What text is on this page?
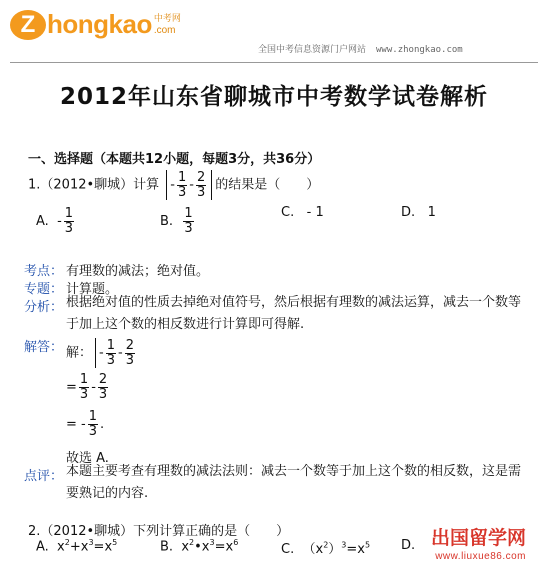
Z hongkao 中考网
.com
全国中考信息资源门户网站 www.zhongkao.com
2012年山东省聊城市中考数学试卷解析
一、选择题（本题共12小题，每题3分，共36分）
1.（2012•聊城）计算 - $\frac{1}{3} - \frac{2}{3}$ 的结果是（　　）
A. - $\frac{1}{3}$	B. $\frac{1}{3}$	C. - 1	D. 1
考点： 有理数的减法；绝对值。
专题： 计算题。
分析： 根据绝对值的性质去掉绝对值符号，然后根据有理数的减法运算，减去一个数等于加上这个数的相反数进行计算即可得解.
解答： 解： - $\frac{1}{3} - \frac{2}{3}$
= $\frac{1}{3} - \frac{2}{3}$
= - $\frac{1}{3}$ .
故选 A.
点评： 本题主要考查有理数的减法法则：减去一个数等于加上这个数的相反数，这是需要熟记的内容.
2.（2012•聊城）下列计算正确的是（　　）
A.  $x^2+x^3=x^5$	B.  $x^2•x^3=x^6$	C.  $(x^2)^3=x^5$ D. 出国留学网
www.liuxue86.com
